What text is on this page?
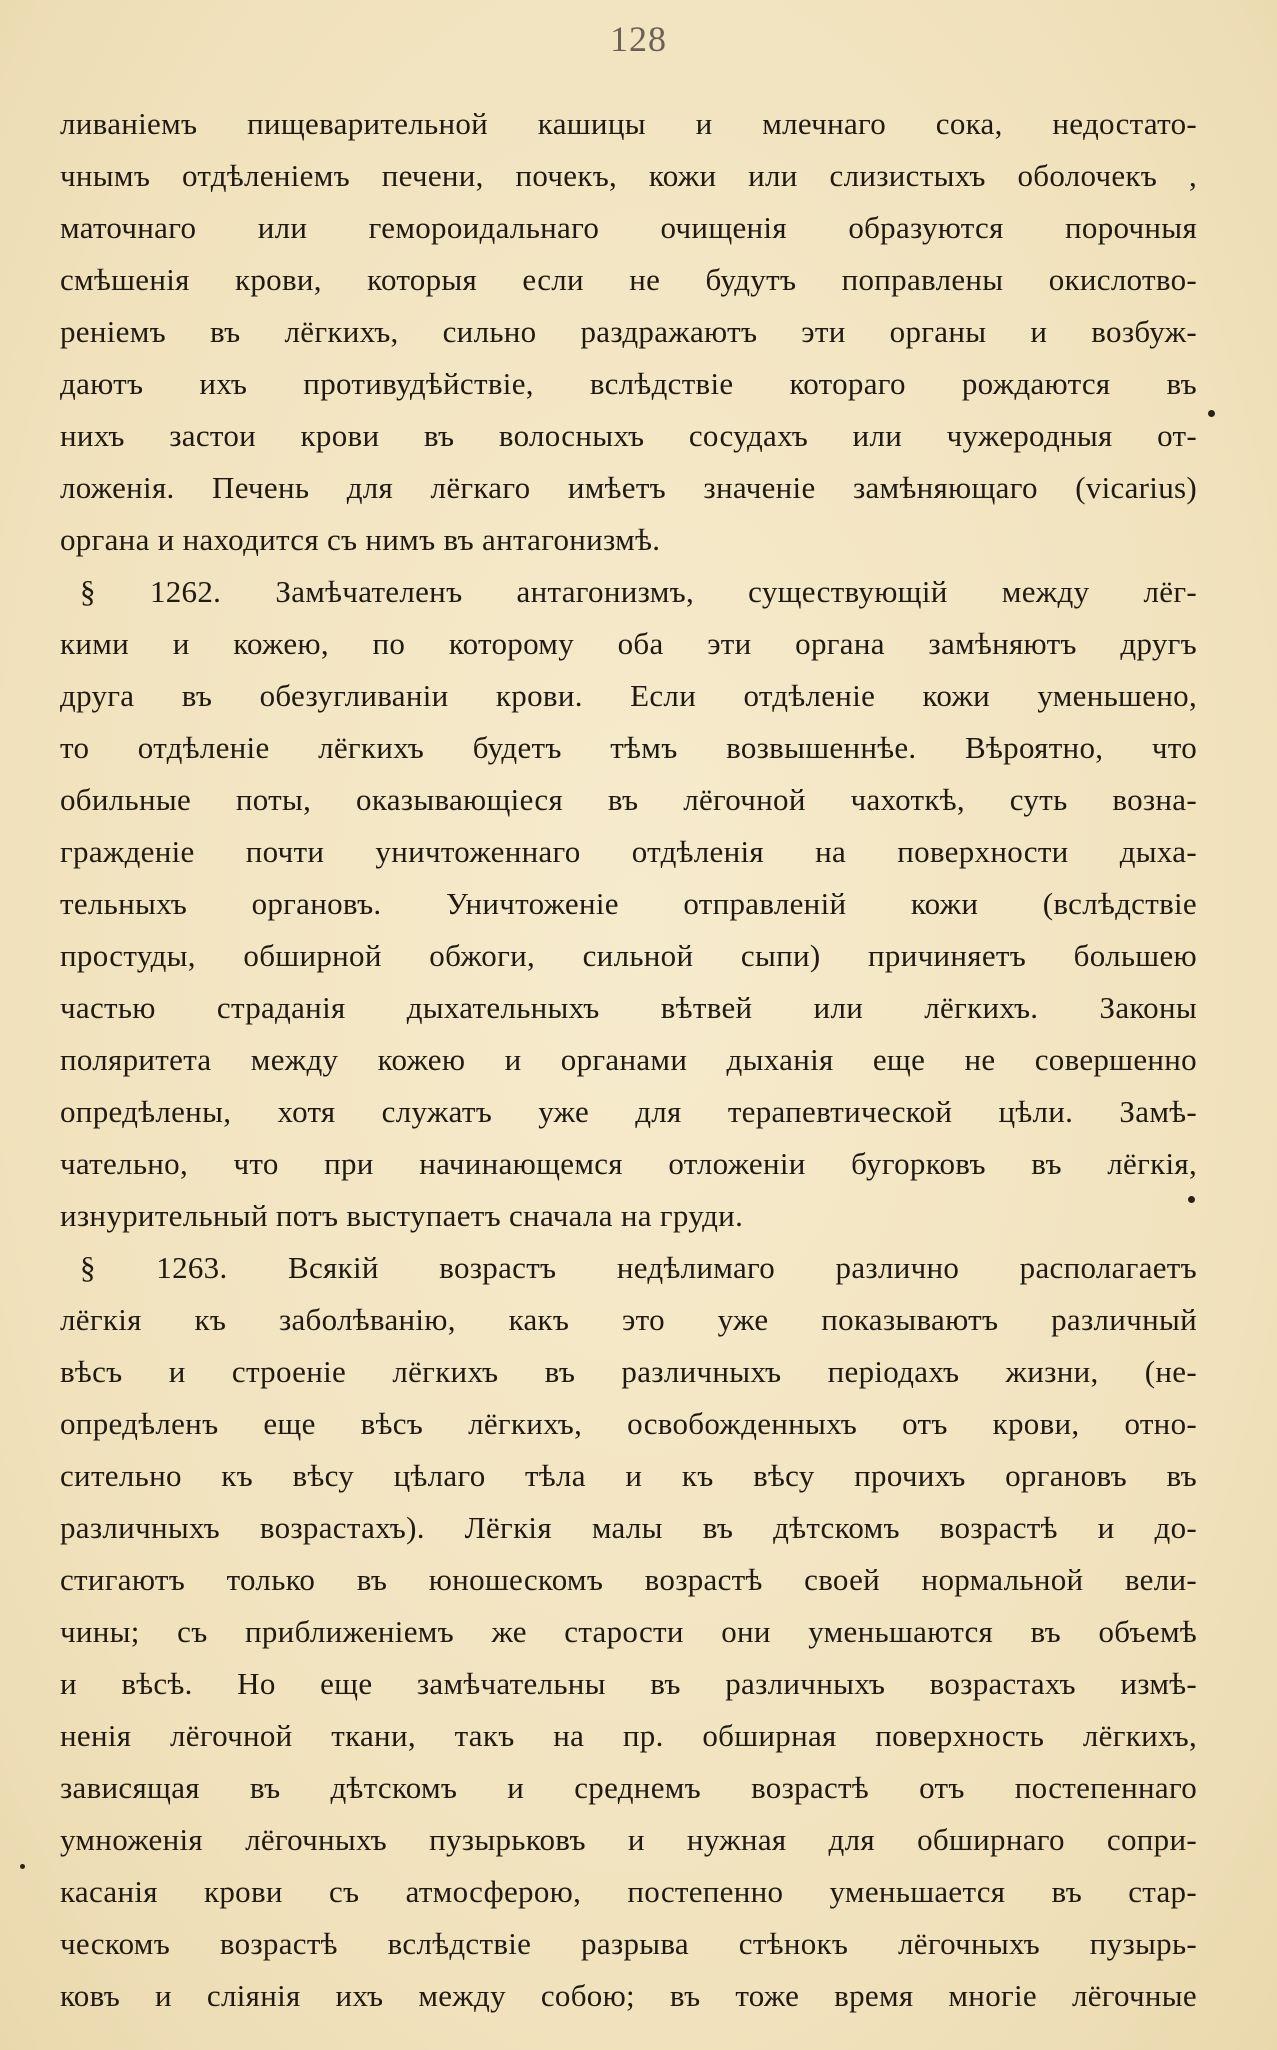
128
ливаніемъ пищеварительной кашицы и млечнаго сока, недостато-
чнымъ отдѣленіемъ печени, почекъ, кожи или слизистыхъ оболочекъ ,
маточнаго или гемороидальнаго очищенія образуются порочныя
смѣшенія крови, которыя если не будутъ поправлены окислотво-
реніемъ въ лёгкихъ, сильно раздражаютъ эти органы и возбуж-
даютъ ихъ противудѣйствіе, вслѣдствіе котораго рождаются въ
нихъ застои крови въ волосныхъ сосудахъ или чужеродныя от-
ложенія. Печень для лёгкаго имѣетъ значеніе замѣняющаго (vicarius)
органа и находится съ нимъ въ антагонизмѣ.
§ 1262. Замѣчателенъ антагонизмъ, существующій между лёг-
кими и кожею, по которому оба эти органа замѣняютъ другъ
друга въ обезугливаніи крови. Если отдѣленіе кожи уменьшено,
то отдѣленіе лёгкихъ будетъ тѣмъ возвышеннѣе. Вѣроятно, что
обильные поты, оказывающіеся въ лёгочной чахоткѣ, суть возна-
гражденіе почти уничтоженнаго отдѣленія на поверхности дыха-
тельныхъ органовъ. Уничтоженіе отправленій кожи (вслѣдствіе
простуды, обширной обжоги, сильной сыпи) причиняетъ большею
частью страданія дыхательныхъ вѣтвей или лёгкихъ. Законы
поляритета между кожею и органами дыханія еще не совершенно
опредѣлены, хотя служатъ уже для терапевтической цѣли. Замѣ-
чательно, что при начинающемся отложеніи бугорковъ въ лёгкія,
изнурительный потъ выступаетъ сначала на груди.
§ 1263. Всякій возрастъ недѣлимаго различно располагаетъ
лёгкія къ заболѣванію, какъ это уже показываютъ различный
вѣсъ и строеніе лёгкихъ въ различныхъ періодахъ жизни, (не-
опредѣленъ еще вѣсъ лёгкихъ, освобожденныхъ отъ крови, отно-
сительно къ вѣсу цѣлаго тѣла и къ вѣсу прочихъ органовъ въ
различныхъ возрастахъ). Лёгкія малы въ дѣтскомъ возрастѣ и до-
стигаютъ только въ юношескомъ возрастѣ своей нормальной вели-
чины; съ приближеніемъ же старости они уменьшаются въ объемѣ
и вѣсѣ. Но еще замѣчательны въ различныхъ возрастахъ измѣ-
ненія лёгочной ткани, такъ на пр. обширная поверхность лёгкихъ,
зависящая въ дѣтскомъ и среднемъ возрастѣ отъ постепеннаго
умноженія лёгочныхъ пузырьковъ и нужная для обширнаго сопри-
касанія крови съ атмосферою, постепенно уменьшается въ стар-
ческомъ возрастѣ вслѣдствіе разрыва стѣнокъ лёгочныхъ пузырь-
ковъ и сліянія ихъ между собою; въ тоже время многіе лёгочные
